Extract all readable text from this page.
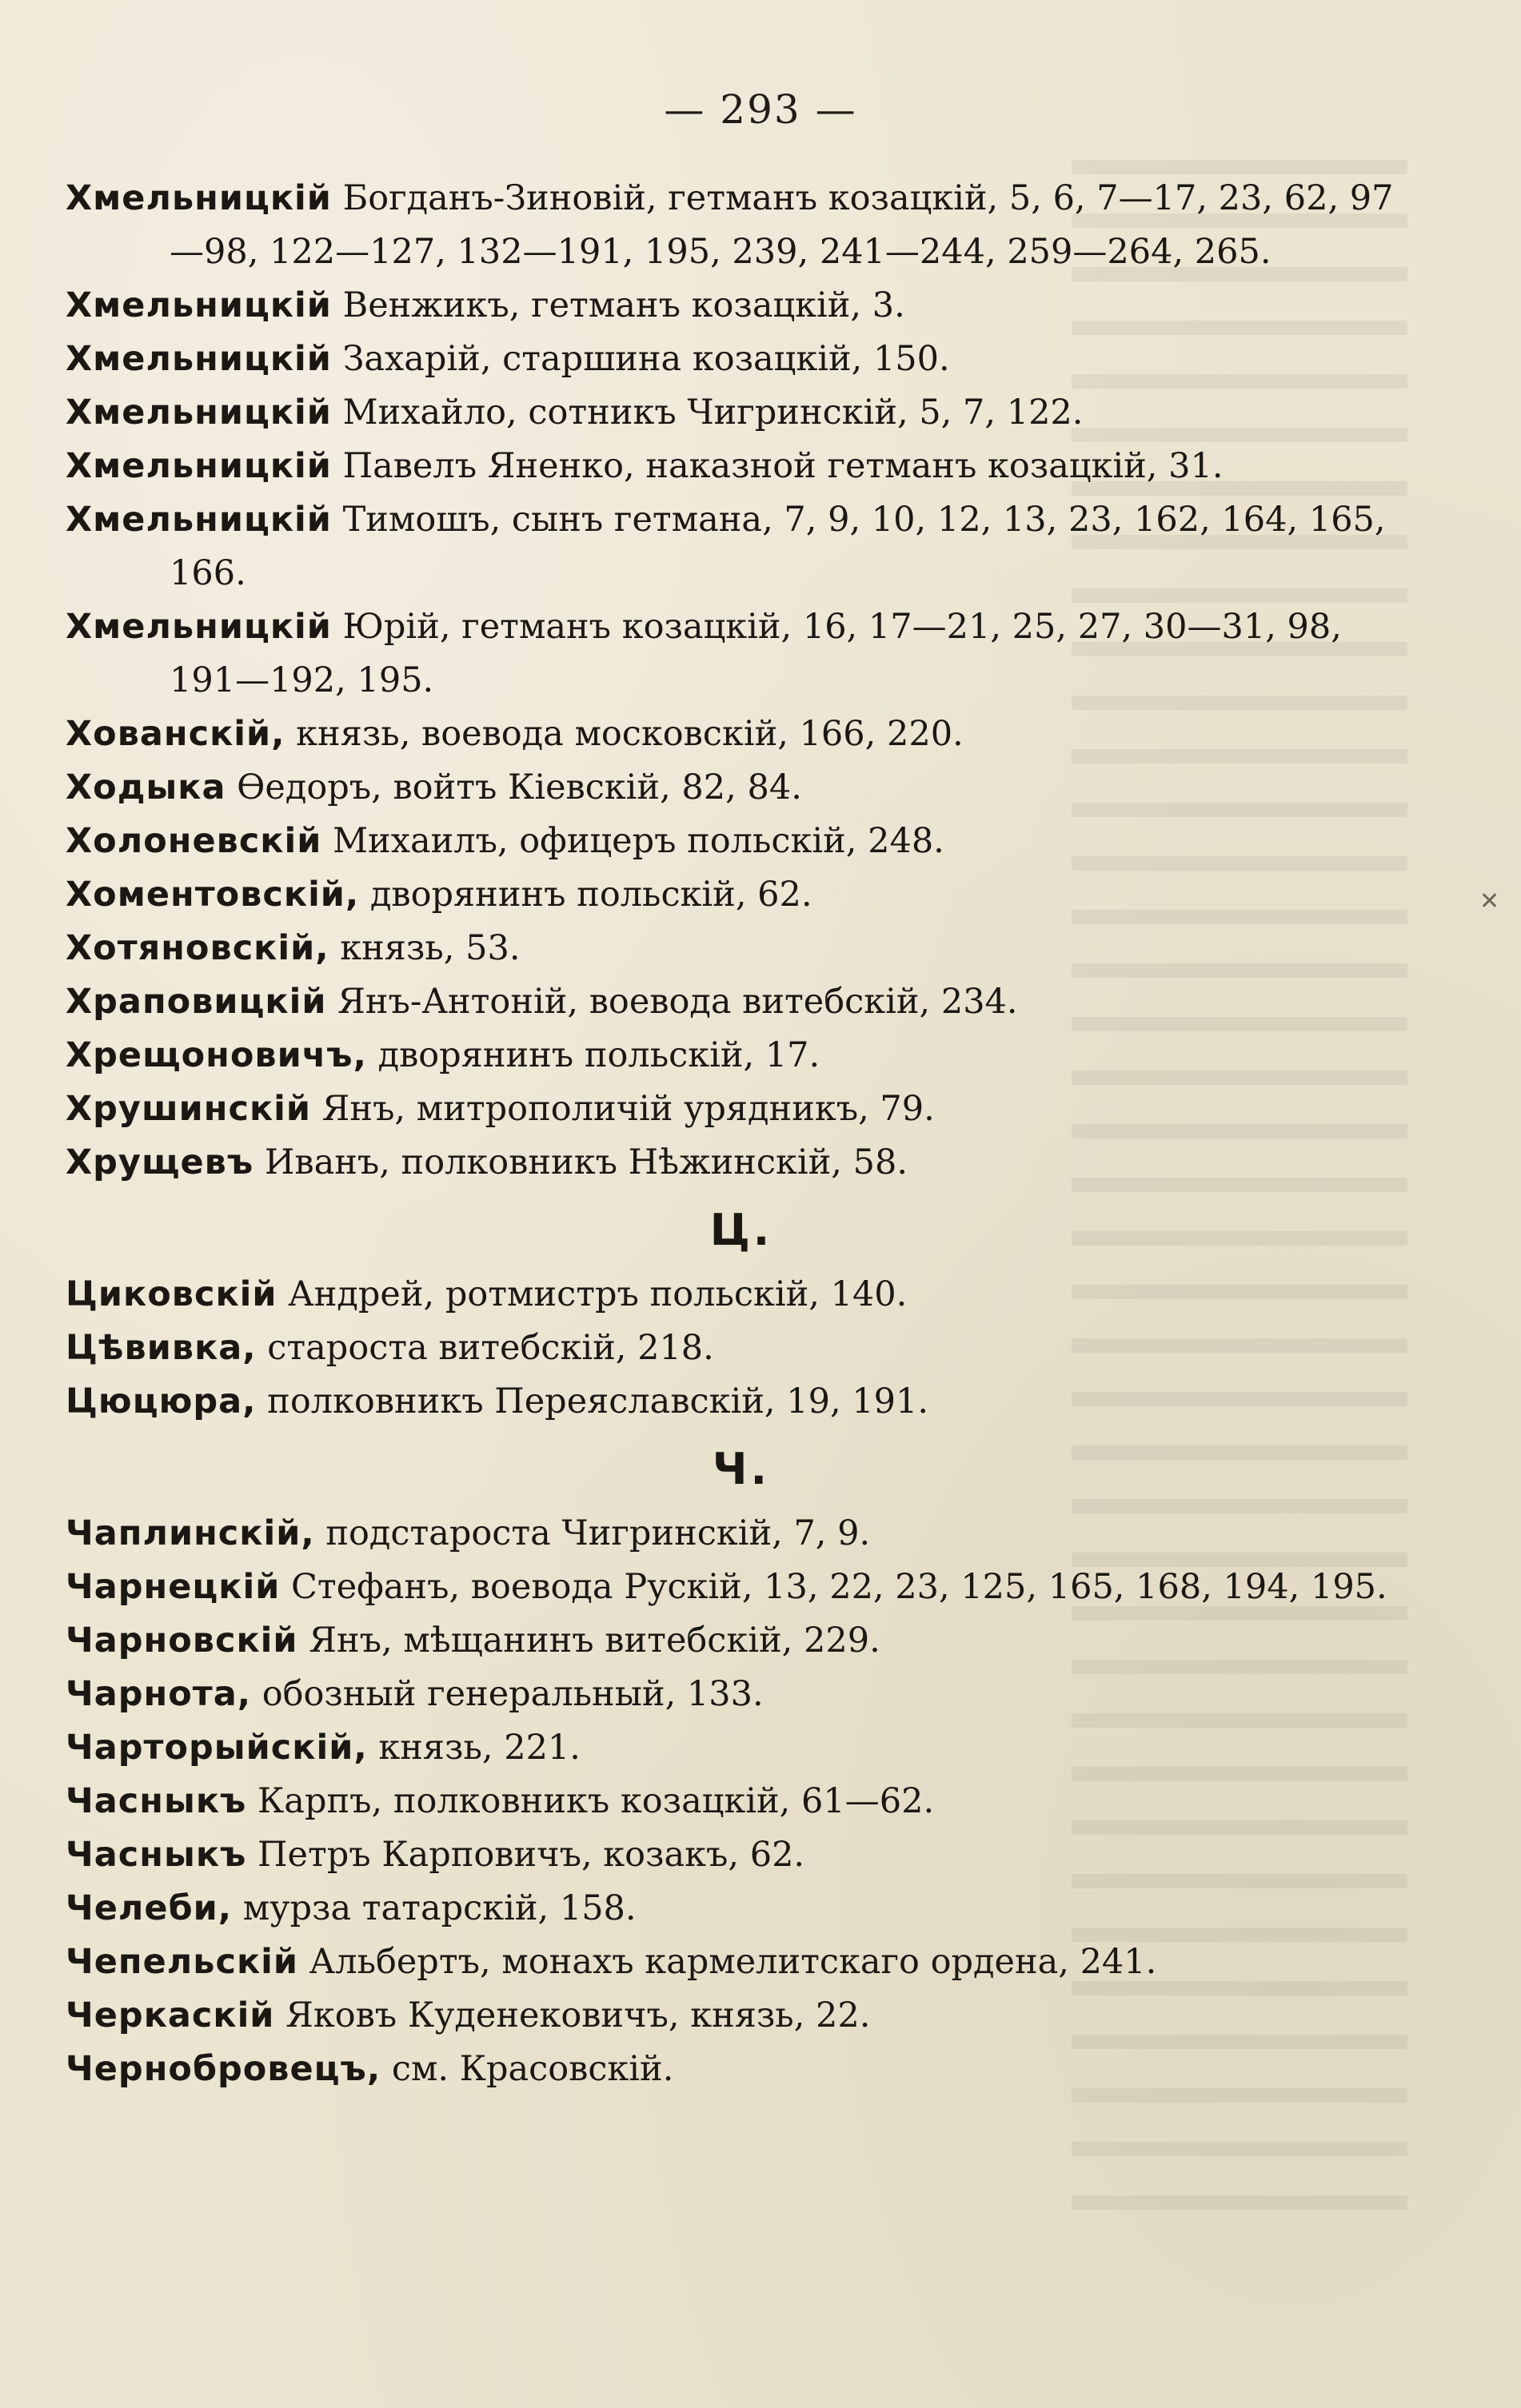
— 293 —
Хмельницкій Богданъ-Зиновій, гетманъ козацкій, 5, 6, 7—17, 23, 62, 97—98, 122—127, 132—191, 195, 239, 241—244, 259—264, 265.
Хмельницкій Венжикъ, гетманъ козацкій, 3.
Хмельницкій Захарій, старшина козацкій, 150.
Хмельницкій Михайло, сотникъ Чигринскій, 5, 7, 122.
Хмельницкій Павелъ Яненко, наказной гетманъ козацкій, 31.
Хмельницкій Тимошъ, сынъ гетмана, 7, 9, 10, 12, 13, 23, 162, 164, 165, 166.
Хмельницкій Юрій, гетманъ козацкій, 16, 17—21, 25, 27, 30—31, 98, 191—192, 195.
Хованскій, князь, воевода московскій, 166, 220.
Ходыка Өедоръ, войтъ Кіевскій, 82, 84.
Холоневскій Михаилъ, офицеръ польскій, 248.
Хоментовскій, дворянинъ польскій, 62.
Хотяновскій, князь, 53.
Храповицкій Янъ-Антоній, воевода витебскій, 234.
Хрещоновичъ, дворянинъ польскій, 17.
Хрушинскій Янъ, митрополичій урядникъ, 79.
Хрущевъ Иванъ, полковникъ Нѣжинскій, 58.
Ц.
Циковскій Андрей, ротмистръ польскій, 140.
Цѣвивка, староста витебскій, 218.
Цюцюра, полковникъ Переяславскій, 19, 191.
Ч.
Чаплинскій, подстароста Чигринскій, 7, 9.
Чарнецкій Стефанъ, воевода Рускій, 13, 22, 23, 125, 165, 168, 194, 195.
Чарновскій Янъ, мѣщанинъ витебскій, 229.
Чарнота, обозный генеральный, 133.
Чарторыйскій, князь, 221.
Часныкъ Карпъ, полковникъ козацкій, 61—62.
Часныкъ Петръ Карповичъ, козакъ, 62.
Челеби, мурза татарскій, 158.
Чепельскій Альбертъ, монахъ кармелитскаго ордена, 241.
Черкаскій Яковъ Куденековичъ, князь, 22.
Чернобровецъ, см. Красовскій.
✕
